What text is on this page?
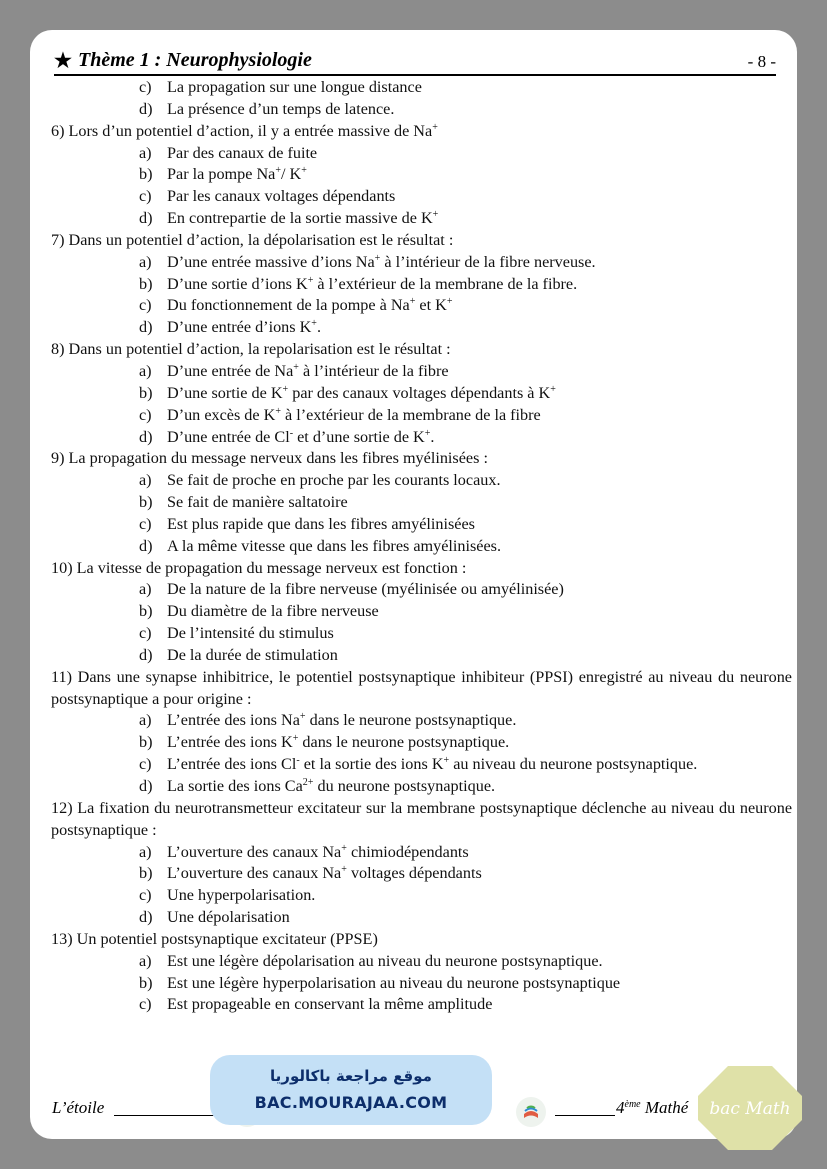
★ Thème 1 : Neurophysiologie	- 8 -
c) La propagation sur une longue distance
d) La présence d’un temps de latence.
6) Lors d’un potentiel d’action, il y a entrée massive de Na+
a) Par des canaux de fuite
b) Par la pompe Na+/ K+
c) Par les canaux voltages dépendants
d) En contrepartie de la sortie massive de K+
7) Dans un potentiel d’action, la dépolarisation est le résultat :
a) D’une entrée massive d’ions Na+ à l’intérieur de la fibre nerveuse.
b) D’une sortie d’ions K+ à l’extérieur de la membrane de la fibre.
c) Du fonctionnement de la pompe à Na+ et K+
d) D’une entrée d’ions K+.
8) Dans un potentiel d’action, la repolarisation est le résultat :
a) D’une entrée de Na+ à l’intérieur de la fibre
b) D’une sortie de K+ par des canaux voltages dépendants à K+
c) D’un excès de K+ à l’extérieur de la membrane de la fibre
d) D’une entrée de Cl- et d’une sortie de K+.
9) La propagation du message nerveux dans les fibres myélinisées :
a) Se fait de proche en proche par les courants locaux.
b) Se fait de manière saltatoire
c) Est plus rapide que dans les fibres amyélinisées
d) A la même vitesse que dans les fibres amyélinisées.
10) La vitesse de propagation du message nerveux est fonction :
a) De la nature de la fibre nerveuse (myélinisée ou amyélinisée)
b) Du diamètre de la fibre nerveuse
c) De l’intensité du stimulus
d) De la durée de stimulation
11) Dans une synapse inhibitrice, le potentiel postsynaptique inhibiteur (PPSI) enregistré au niveau du neurone postsynaptique a pour origine :
a) L’entrée des ions Na+ dans le neurone postsynaptique.
b) L’entrée des ions K+ dans le neurone postsynaptique.
c) L’entrée des ions Cl- et la sortie des ions K+ au niveau du neurone postsynaptique.
d) La sortie des ions $Ca^{2+}$ du neurone postsynaptique.
12) La fixation du neurotransmetteur excitateur sur la membrane postsynaptique déclenche au niveau du neurone postsynaptique :
a) L’ouverture des canaux Na+ chimiodépendants
b) L’ouverture des canaux Na+ voltages dépendants
c) Une hyperpolarisation.
d) Une dépolarisation
13) Un potentiel postsynaptique excitateur (PPSE)
a) Est une légère dépolarisation au niveau du neurone postsynaptique.
b) Est une légère hyperpolarisation au niveau du neurone postsynaptique
c) Est propageable en conservant la même amplitude
L’étoile	4ème Mathé
موقع مراجعة باكالوريا
BAC.MOURAJAA.COM	bac Math
